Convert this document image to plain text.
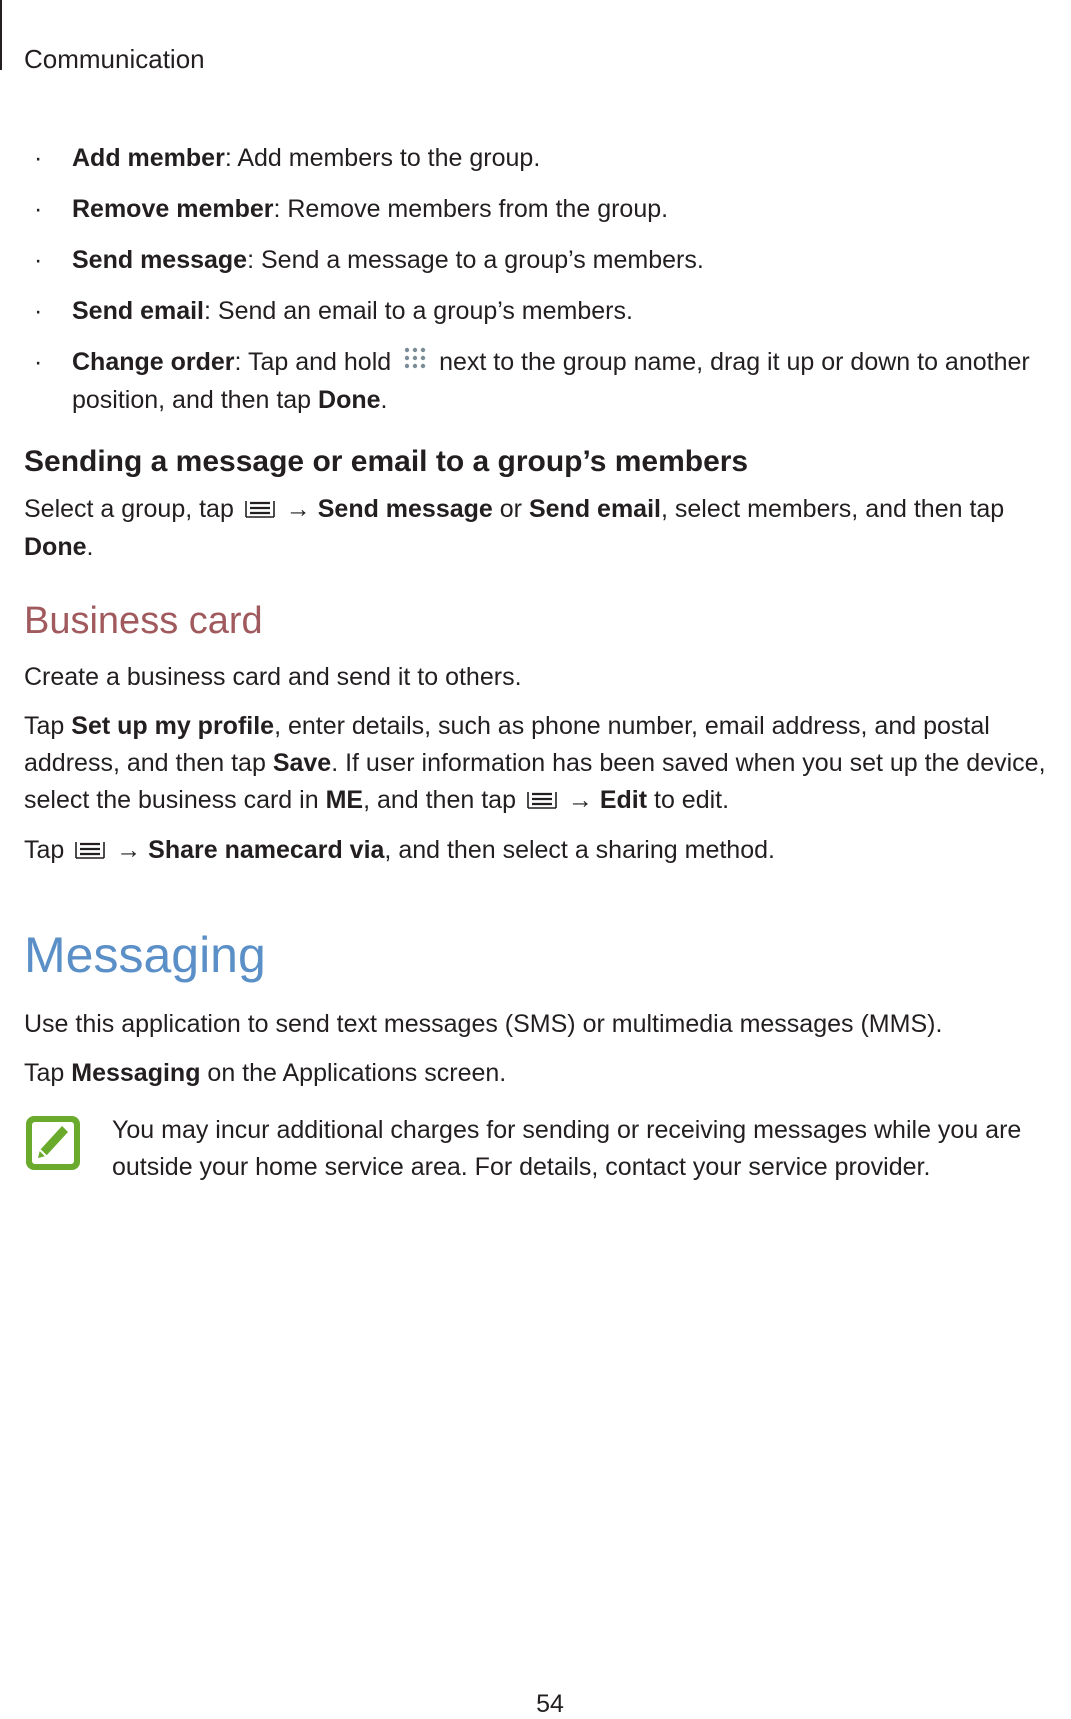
Communication
· Add member: Add members to the group.
· Remove member: Remove members from the group.
· Send message: Send a message to a group’s members.
· Send email: Send an email to a group’s members.
· Change order: Tap and hold next to the group name, drag it up or down to another position, and then tap Done.
Sending a message or email to a group’s members

Select a group, tap → Send message or Send email, select members, and then tap Done.

Business card

Create a business card and send it to others.

Tap Set up my profile, enter details, such as phone number, email address, and postal address, and then tap Save. If user information has been saved when you set up the device, select the business card in ME, and then tap → Edit to edit.

Tap → Share namecard via, and then select a sharing method.

Messaging

Use this application to send text messages (SMS) or multimedia messages (MMS).

Tap Messaging on the Applications screen.

You may incur additional charges for sending or receiving messages while you are outside your home service area. For details, contact your service provider.
54
